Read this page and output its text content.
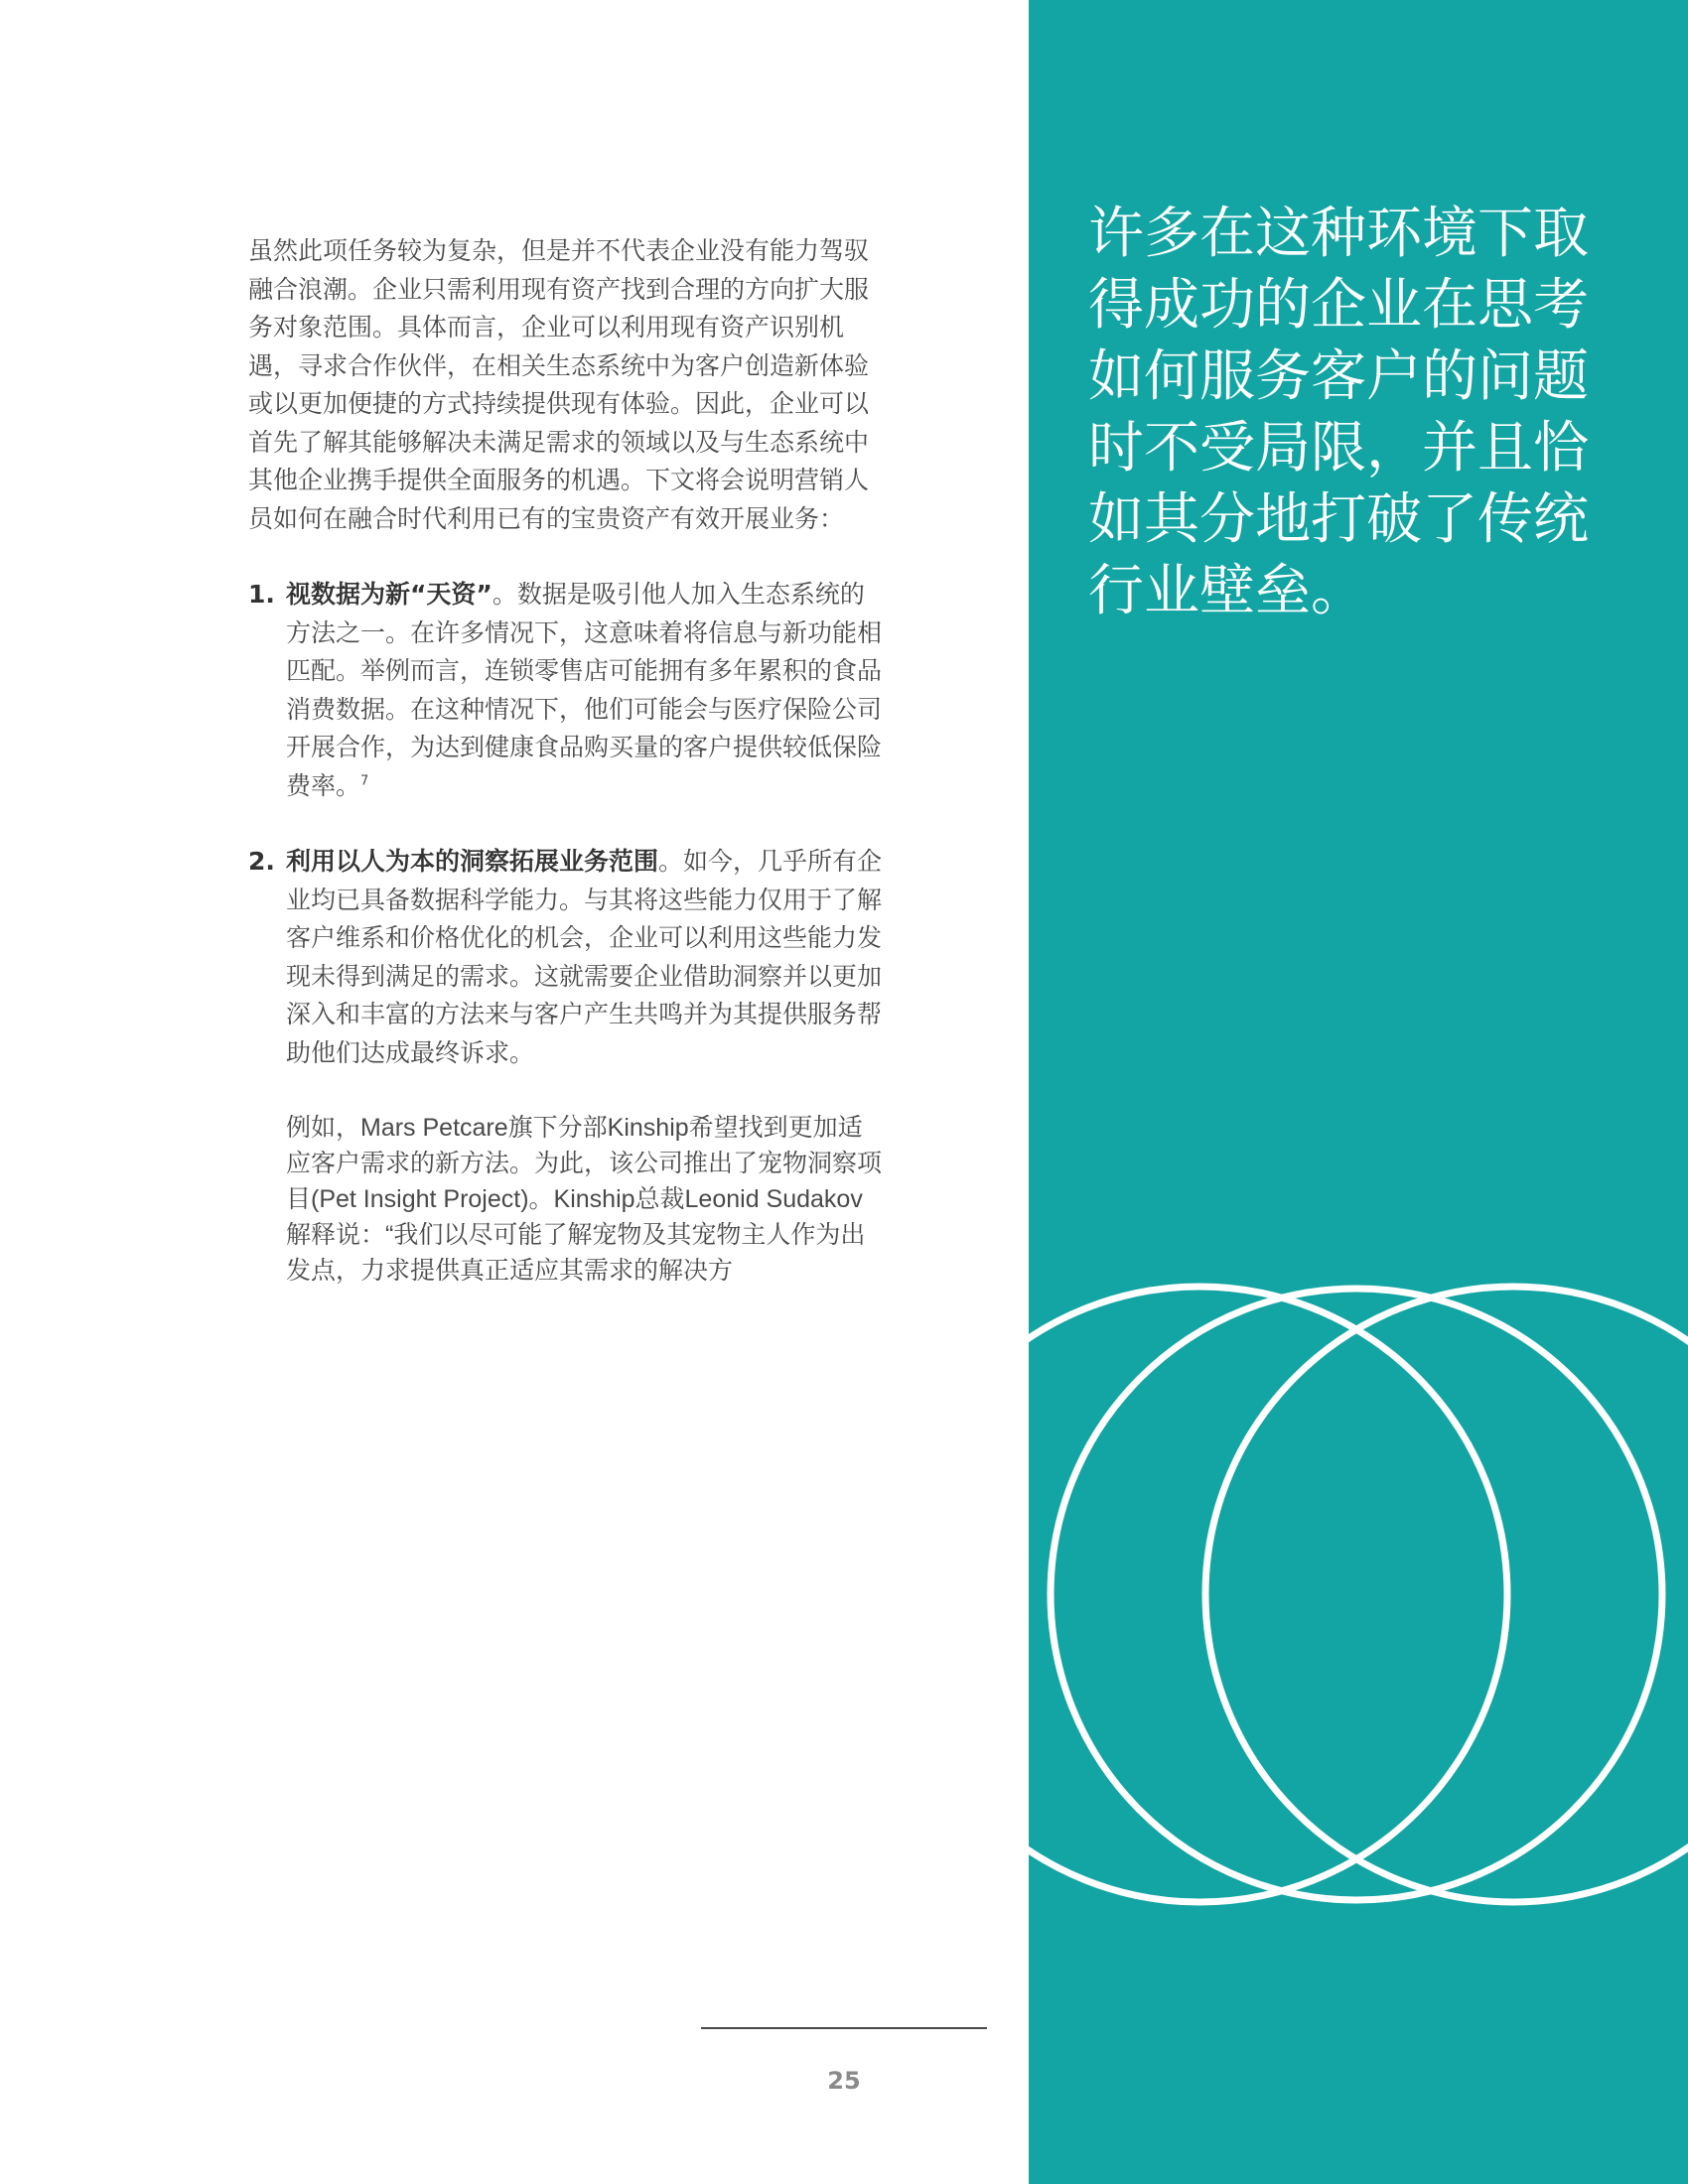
虽然此项任务较为复杂，但是并不代表企业没有能力驾驭融合浪潮。企业只需利用现有资产找到合理的方向扩大服务对象范围。具体而言，企业可以利用现有资产识别机遇，寻求合作伙伴，在相关生态系统中为客户创造新体验或以更加便捷的方式持续提供现有体验。因此，企业可以首先了解其能够解决未满足需求的领域以及与生态系统中其他企业携手提供全面服务的机遇。下文将会说明营销人员如何在融合时代利用已有的宝贵资产有效开展业务：

1. 视数据为新“天资”。数据是吸引他人加入生态系统的方法之一。在许多情况下，这意味着将信息与新功能相匹配。举例而言，连锁零售店可能拥有多年累积的食品消费数据。在这种情况下，他们可能会与医疗保险公司开展合作，为达到健康食品购买量的客户提供较低保险费率。$^7$
2. 利用以人为本的洞察拓展业务范围。如今，几乎所有企业均已具备数据科学能力。与其将这些能力仅用于了解客户维系和价格优化的机会，企业可以利用这些能力发现未得到满足的需求。这就需要企业借助洞察并以更加深入和丰富的方法来与客户产生共鸣并为其提供服务帮助他们达成最终诉求。

例如，Mars Petcare旗下分部Kinship希望找到更加适应客户需求的新方法。为此，该公司推出了宠物洞察项目(Pet Insight Project)。Kinship总裁Leonid Sudakov解释说：“我们以尽可能了解宠物及其宠物主人作为出发点，力求提供真正适应其需求的解决方

许多在这种环境下取得成功的企业在思考如何服务客户的问题时不受局限，并且恰如其分地打破了传统行业壁垒。

25
